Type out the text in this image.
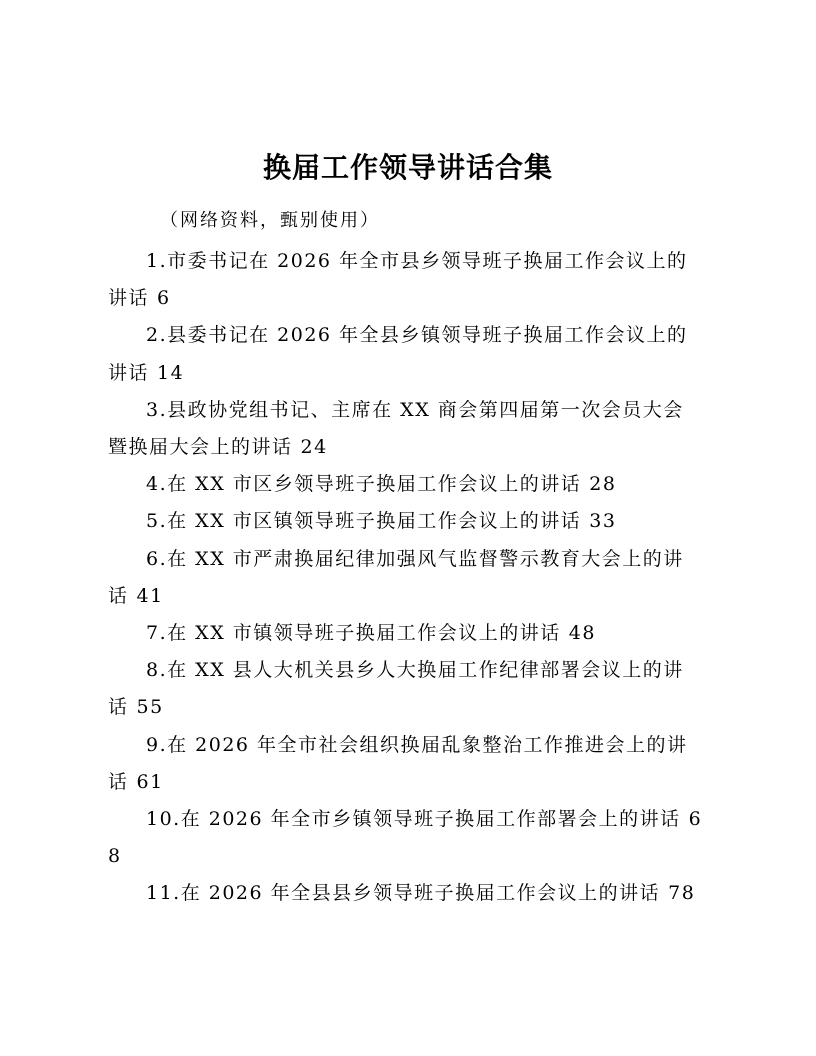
换届工作领导讲话合集

（网络资料，甄别使用）

1.市委书记在 2026 年全市县乡领导班子换届工作会议上的讲话 6
2.县委书记在 2026 年全县乡镇领导班子换届工作会议上的讲话 14
3.县政协党组书记、主席在 XX 商会第四届第一次会员大会暨换届大会上的讲话 24
4.在 XX 市区乡领导班子换届工作会议上的讲话 28
5.在 XX 市区镇领导班子换届工作会议上的讲话 33
6.在 XX 市严肃换届纪律加强风气监督警示教育大会上的讲话 41
7.在 XX 市镇领导班子换届工作会议上的讲话 48
8.在 XX 县人大机关县乡人大换届工作纪律部署会议上的讲话 55
9.在 2026 年全市社会组织换届乱象整治工作推进会上的讲话 61
10.在 2026 年全市乡镇领导班子换届工作部署会上的讲话 68
11.在 2026 年全县县乡领导班子换届工作会议上的讲话 78
